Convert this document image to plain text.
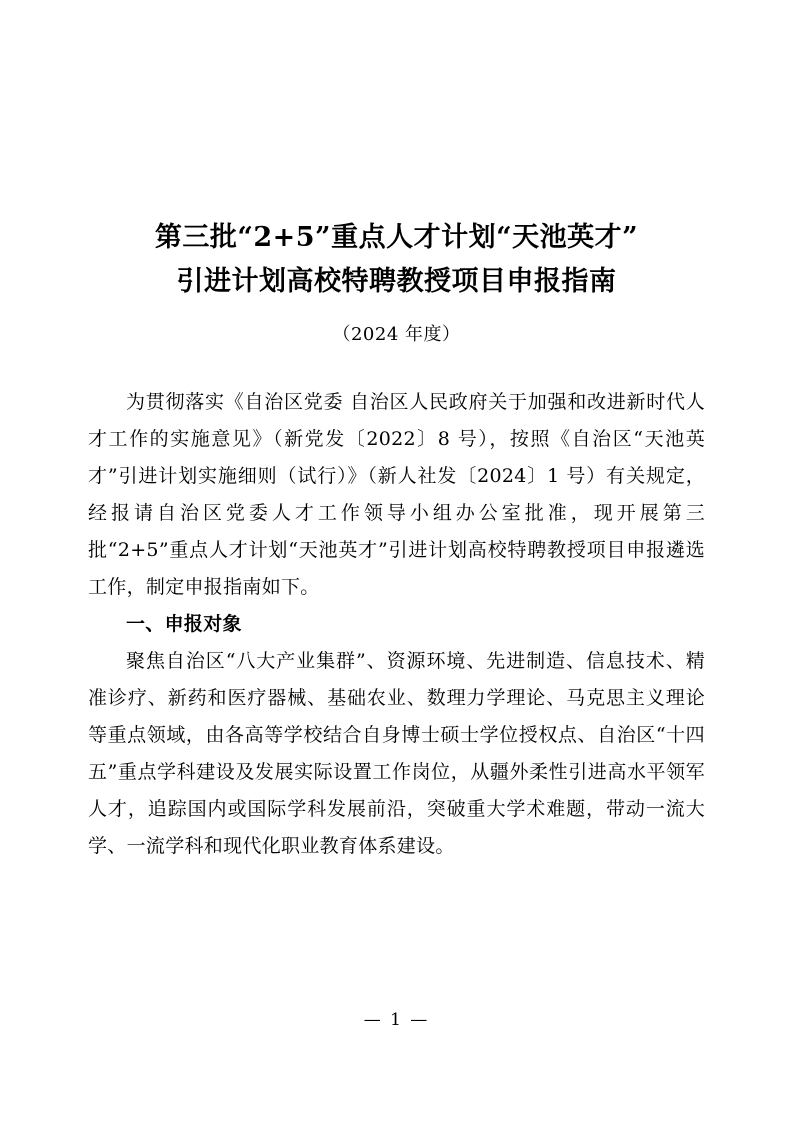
第三批“2+5”重点人才计划“天池英才”
引进计划高校特聘教授项目申报指南
（2024 年度）

为贯彻落实《自治区党委 自治区人民政府关于加强和改进新时代人才工作的实施意见》（新党发〔2022〕8 号），按照《自治区“天池英才”引进计划实施细则（试行）》（新人社发〔2024〕1 号）有关规定，经报请自治区党委人才工作领导小组办公室批准，现开展第三批“2+5”重点人才计划“天池英才”引进计划高校特聘教授项目申报遴选工作，制定申报指南如下。

一、申报对象

聚焦自治区“八大产业集群”、资源环境、先进制造、信息技术、精准诊疗、新药和医疗器械、基础农业、数理力学理论、马克思主义理论等重点领域，由各高等学校结合自身博士硕士学位授权点、自治区“十四五”重点学科建设及发展实际设置工作岗位，从疆外柔性引进高水平领军人才，追踪国内或国际学科发展前沿，突破重大学术难题，带动一流大学、一流学科和现代化职业教育体系建设。

— 1 —
